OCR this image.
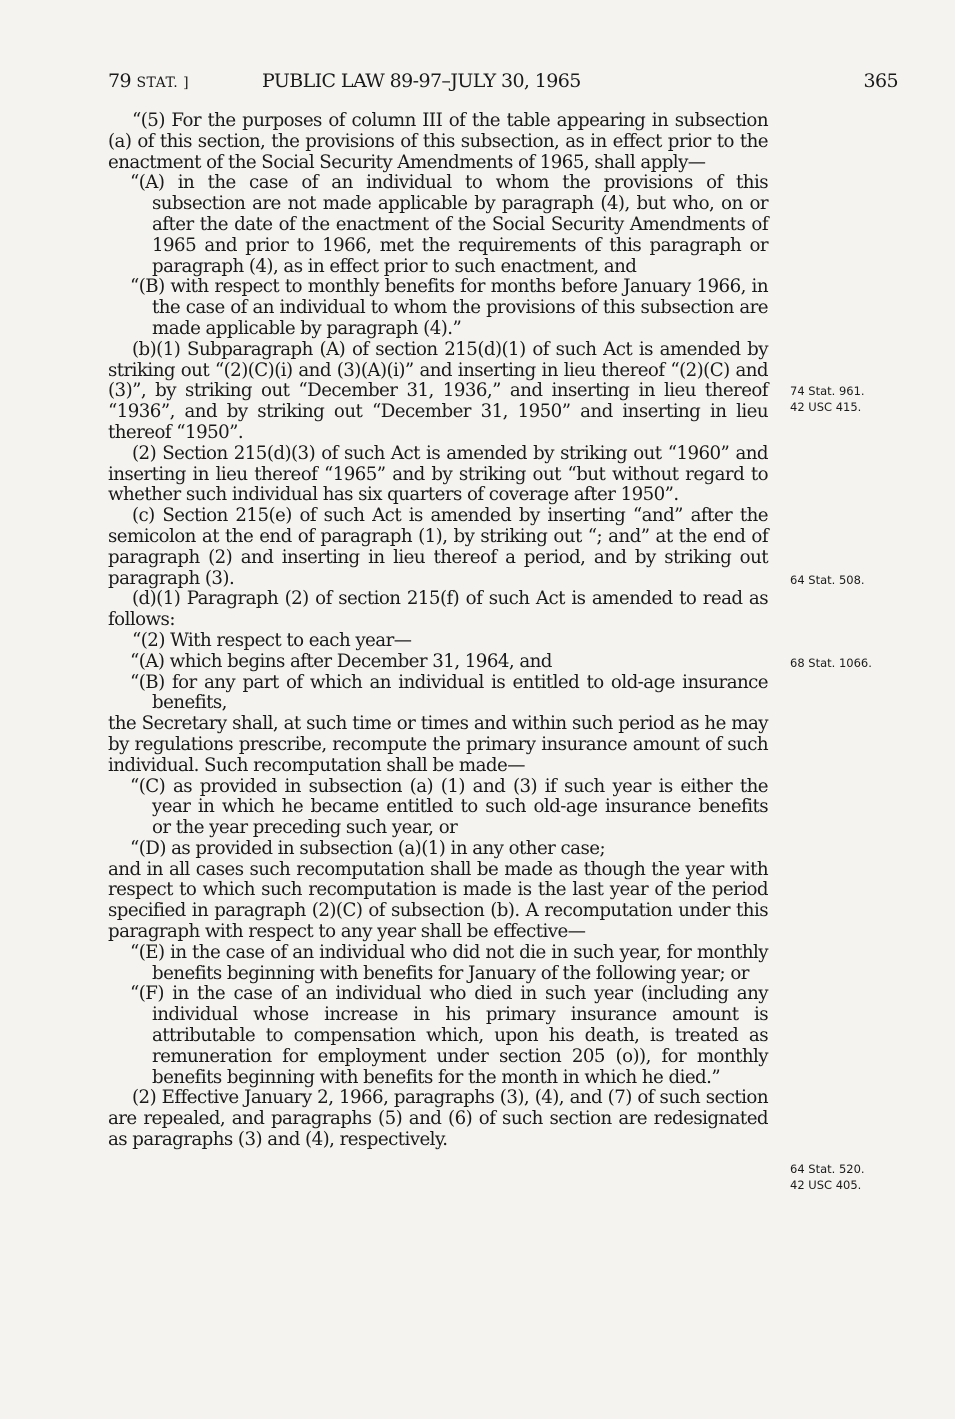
79 STAT. ]	PUBLIC LAW 89-97–JULY 30, 1965	365

“(5) For the purposes of column III of the table appearing in subsection (a) of this section, the provisions of this subsection, as in effect prior to the enactment of the Social Security Amendments of 1965, shall apply—

“(A) in the case of an individual to whom the provisions of this subsection are not made applicable by paragraph (4), but who, on or after the date of the enactment of the Social Security Amendments of 1965 and prior to 1966, met the requirements of this paragraph or paragraph (4), as in effect prior to such enactment, and

“(B) with respect to monthly benefits for months before January 1966, in the case of an individual to whom the provisions of this subsection are made applicable by paragraph (4).”

(b)(1) Subparagraph (A) of section 215(d)(1) of such Act is amended by striking out “(2)(C)(i) and (3)(A)(i)” and inserting in lieu thereof “(2)(C) and (3)”, by striking out “December 31, 1936,” and inserting in lieu thereof “1936”, and by striking out “December 31, 1950” and inserting in lieu thereof “1950”.

(2) Section 215(d)(3) of such Act is amended by striking out “1960” and inserting in lieu thereof “1965” and by striking out “but without regard to whether such individual has six quarters of coverage after 1950”.

(c) Section 215(e) of such Act is amended by inserting “and” after the semicolon at the end of paragraph (1), by striking out “; and” at the end of paragraph (2) and inserting in lieu thereof a period, and by striking out paragraph (3).

(d)(1) Paragraph (2) of section 215(f) of such Act is amended to read as follows:

“(2) With respect to each year—

“(A) which begins after December 31, 1964, and

“(B) for any part of which an individual is entitled to old-age insurance benefits,

the Secretary shall, at such time or times and within such period as he may by regulations prescribe, recompute the primary insurance amount of such individual. Such recomputation shall be made—

“(C) as provided in subsection (a) (1) and (3) if such year is either the year in which he became entitled to such old-age insurance benefits or the year preceding such year, or

“(D) as provided in subsection (a)(1) in any other case;

and in all cases such recomputation shall be made as though the year with respect to which such recomputation is made is the last year of the period specified in paragraph (2)(C) of subsection (b). A recomputation under this paragraph with respect to any year shall be effective—

“(E) in the case of an individual who did not die in such year, for monthly benefits beginning with benefits for January of the following year; or

“(F) in the case of an individual who died in such year (including any individual whose increase in his primary insurance amount is attributable to compensation which, upon his death, is treated as remuneration for employment under section 205 (o)), for monthly benefits beginning with benefits for the month in which he died.”

(2) Effective January 2, 1966, paragraphs (3), (4), and (7) of such section are repealed, and paragraphs (5) and (6) of such section are redesignated as paragraphs (3) and (4), respectively.

74 Stat. 961.
42 USC 415.
64 Stat. 508.
68 Stat. 1066.
64 Stat. 520.
42 USC 405.
